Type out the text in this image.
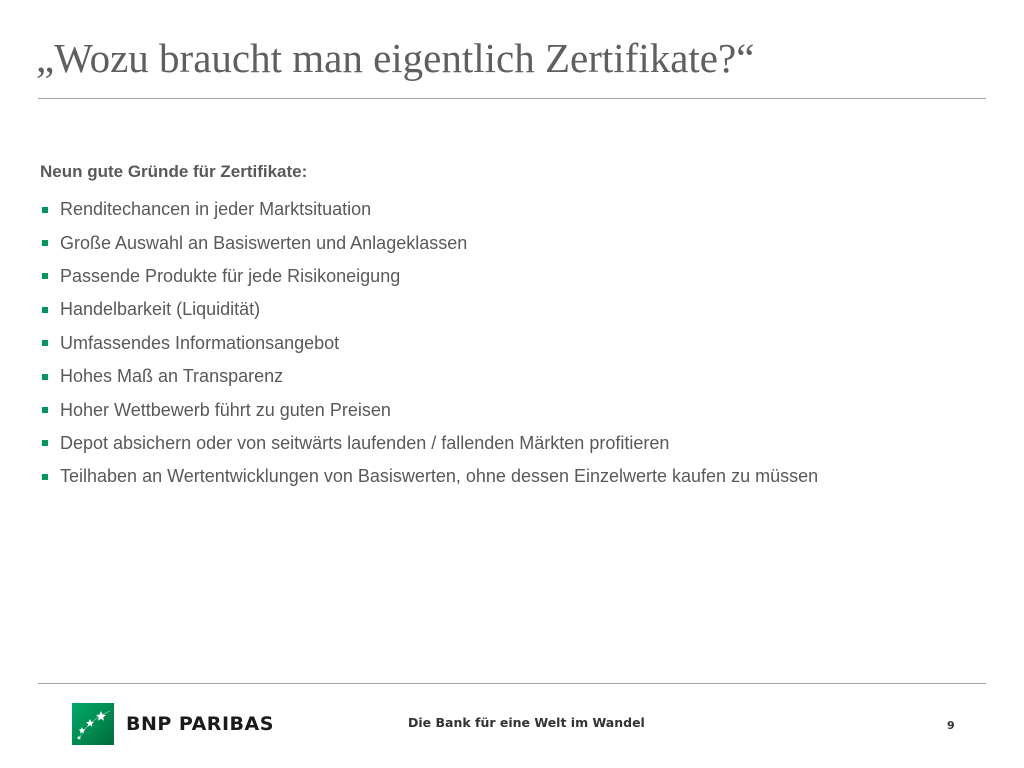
„Wozu braucht man eigentlich Zertifikate?“

Neun gute Gründe für Zertifikate:

Renditechancen in jeder Marktsituation
Große Auswahl an Basiswerten und Anlageklassen
Passende Produkte für jede Risikoneigung
Handelbarkeit (Liquidität)
Umfassendes Informationsangebot
Hohes Maß an Transparenz
Hoher Wettbewerb führt zu guten Preisen
Depot absichern oder von seitwärts laufenden / fallenden Märkten profitieren
Teilhaben an Wertentwicklungen von Basiswerten, ohne dessen Einzelwerte kaufen zu müssen
BNP PARIBAS	Die Bank für eine Welt im Wandel	9
